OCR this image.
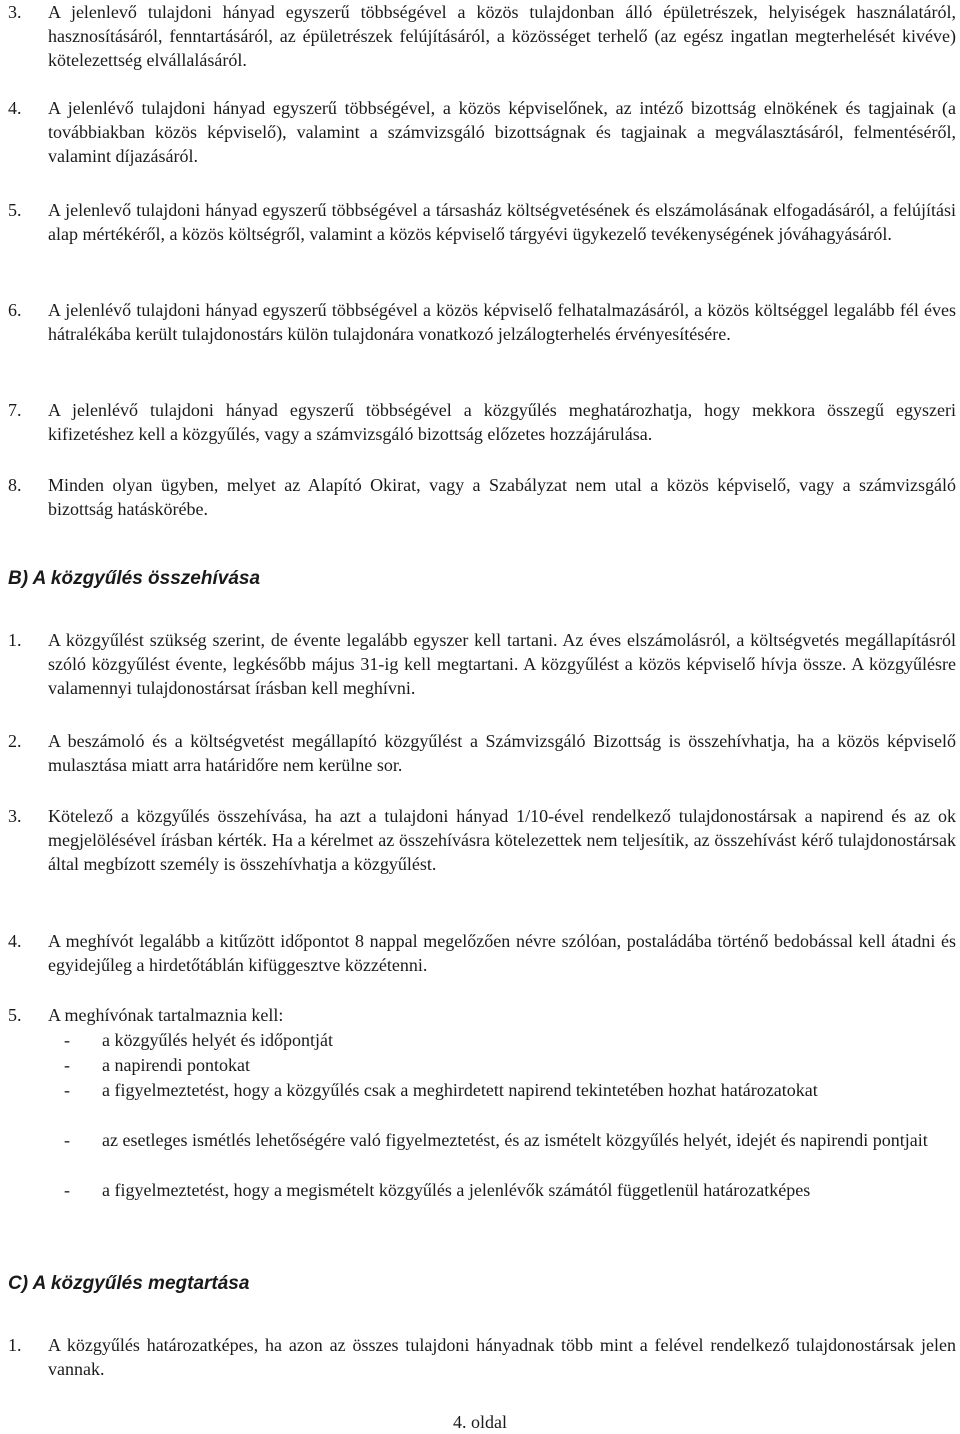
3.	A jelenlevő tulajdoni hányad egyszerű többségével a közös tulajdonban álló épületrészek, helyiségek használatáról, hasznosításáról, fenntartásáról, az épületrészek felújításáról, a közösséget terhelő (az egész ingatlan megterhelését kivéve) kötelezettség elvállalásáról.
4.	A jelenlévő tulajdoni hányad egyszerű többségével, a közös képviselőnek, az intéző bizottság elnökének és tagjainak (a továbbiakban közös képviselő), valamint a számvizsgáló bizottságnak és tagjainak a megválasztásáról, felmentéséről, valamint díjazásáról.
5.	A jelenlevő tulajdoni hányad egyszerű többségével a társasház költségvetésének és elszámolásának elfogadásáról, a felújítási alap mértékéről, a közös költségről, valamint a közös képviselő tárgyévi ügykezelő tevékenységének jóváhagyásáról.
6.	A jelenlévő tulajdoni hányad egyszerű többségével a közös képviselő felhatalmazásáról, a közös költséggel legalább fél éves hátralékába került tulajdonostárs külön tulajdonára vonatkozó jelzálogterhelés érvényesítésére.
7.	A jelenlévő tulajdoni hányad egyszerű többségével a közgyűlés meghatározhatja, hogy mekkora összegű egyszeri kifizetéshez kell a közgyűlés, vagy a számvizsgáló bizottság előzetes hozzájárulása.
8.	Minden olyan ügyben, melyet az Alapító Okirat, vagy a Szabályzat nem utal a közös képviselő, vagy a számvizsgáló bizottság hatáskörébe.
B) A közgyűlés összehívása
1.	A közgyűlést szükség szerint, de évente legalább egyszer kell tartani. Az éves elszámolásról, a költségvetés megállapításról szóló közgyűlést évente, legkésőbb május 31-ig kell megtartani. A közgyűlést a közös képviselő hívja össze. A közgyűlésre valamennyi tulajdonostársat írásban kell meghívni.
2.	A beszámoló és a költségvetést megállapító közgyűlést a Számvizsgáló Bizottság is összehívhatja, ha a közös képviselő mulasztása miatt arra határidőre nem kerülne sor.
3.	Kötelező a közgyűlés összehívása, ha azt a tulajdoni hányad 1/10-ével rendelkező tulajdonostársak a napirend és az ok megjelölésével írásban kérték. Ha a kérelmet az összehívásra kötelezettek nem teljesítik, az összehívást kérő tulajdonostársak által megbízott személy is összehívhatja a közgyűlést.
4.	A meghívót legalább a kitűzött időpontot 8 nappal megelőzően névre szólóan, postaládába történő bedobással kell átadni és egyidejűleg a hirdetőtáblán kifüggesztve közzétenni.
5.	A meghívónak tartalmaznia kell:
-	a közgyűlés helyét és időpontját
-	a napirendi pontokat
-	a figyelmeztetést, hogy a közgyűlés csak a meghirdetett napirend tekintetében hozhat határozatokat
-	az esetleges ismétlés lehetőségére való figyelmeztetést, és az ismételt közgyűlés helyét, idejét és napirendi pontjait
-	a figyelmeztetést, hogy a megismételt közgyűlés a jelenlévők számától függetlenül határozatképes
C) A közgyűlés megtartása
1.	A közgyűlés határozatképes, ha azon az összes tulajdoni hányadnak több mint a felével rendelkező tulajdonostársak jelen vannak.
4. oldal
